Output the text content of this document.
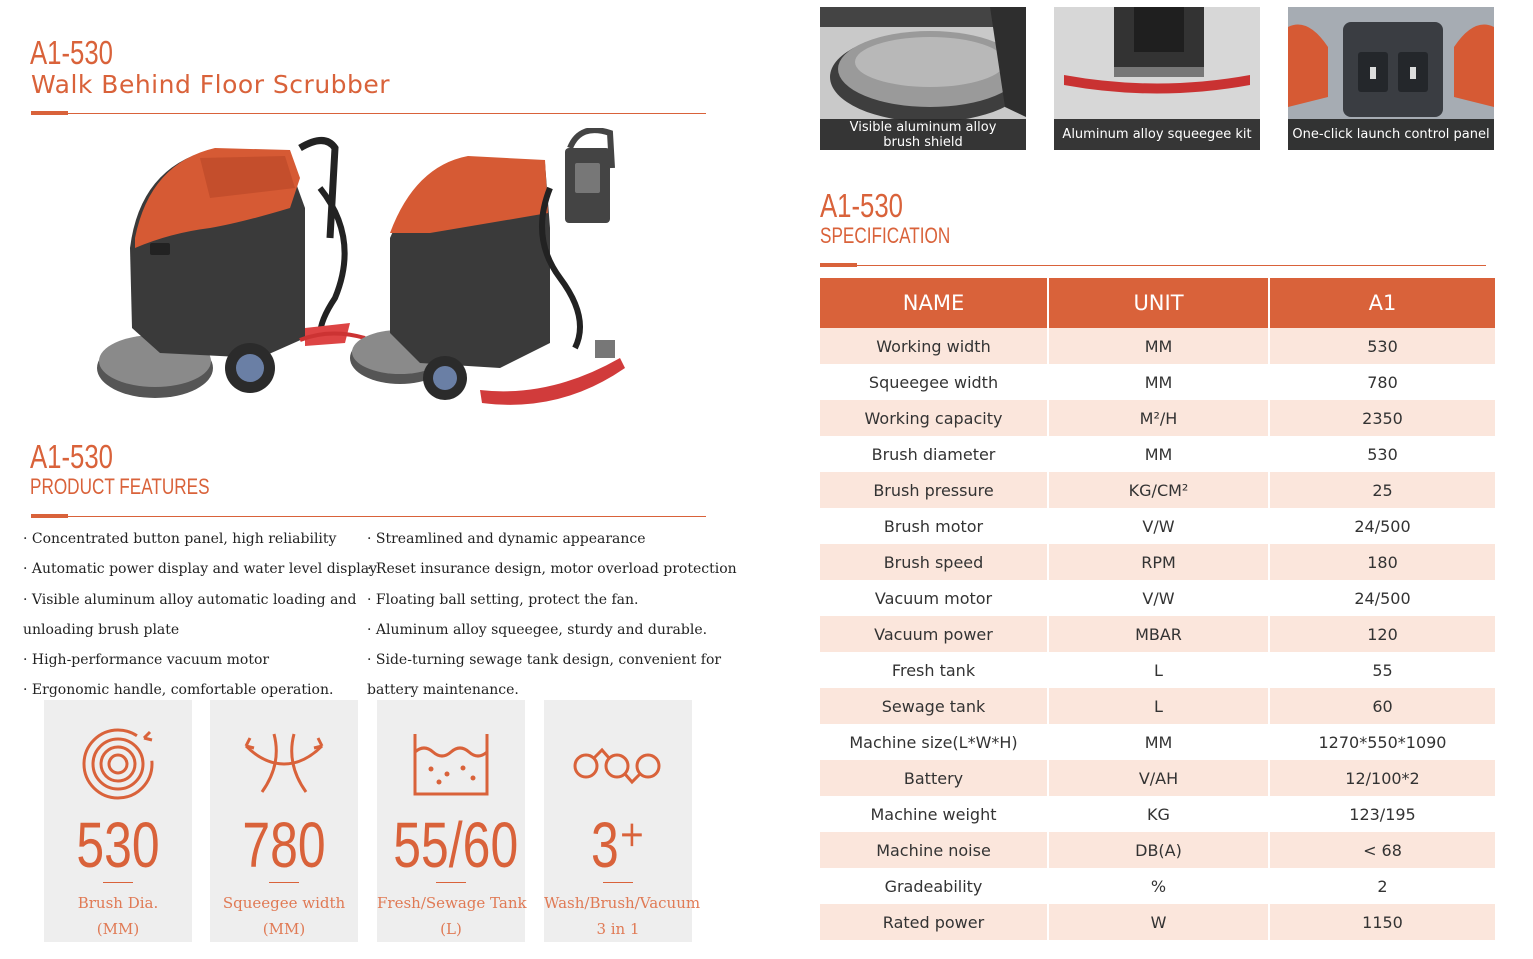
A1-530
Walk Behind Floor Scrubber
A1-530
PRODUCT FEATURES
· Concentrated button panel, high reliability
· Automatic power display and water level display
· Visible aluminum alloy automatic loading and
unloading brush plate
· High-performance vacuum motor
· Ergonomic handle, comfortable operation.
· Streamlined and dynamic appearance
· Reset insurance design, motor overload protection
· Floating ball setting, protect the fan.
· Aluminum alloy squeegee, sturdy and durable.
· Side-turning sewage tank design, convenient for
battery maintenance.
530
Brush Dia.
(MM)
780
Squeegee width
(MM)
55/60
Fresh/Sewage Tank
(L)
3⁺
Wash/Brush/Vacuum
3 in 1
Visible aluminum alloy
brush shield	Aluminum alloy squeegee kit	One-click launch control panel
A1-530
SPECIFICATION
NAME	UNIT	A1
Working width	MM	530
Squeegee width	MM	780
Working capacity	M²/H	2350
Brush diameter	MM	530
Brush pressure	KG/CM²	25
Brush motor	V/W	24/500
Brush speed	RPM	180
Vacuum motor	V/W	24/500
Vacuum power	MBAR	120
Fresh tank	L	55
Sewage tank	L	60
Machine size(L*W*H)	MM	1270*550*1090
Battery	V/AH	12/100*2
Machine weight	KG	123/195
Machine noise	DB(A)	< 68
Gradeability	%	2
Rated power	W	1150
